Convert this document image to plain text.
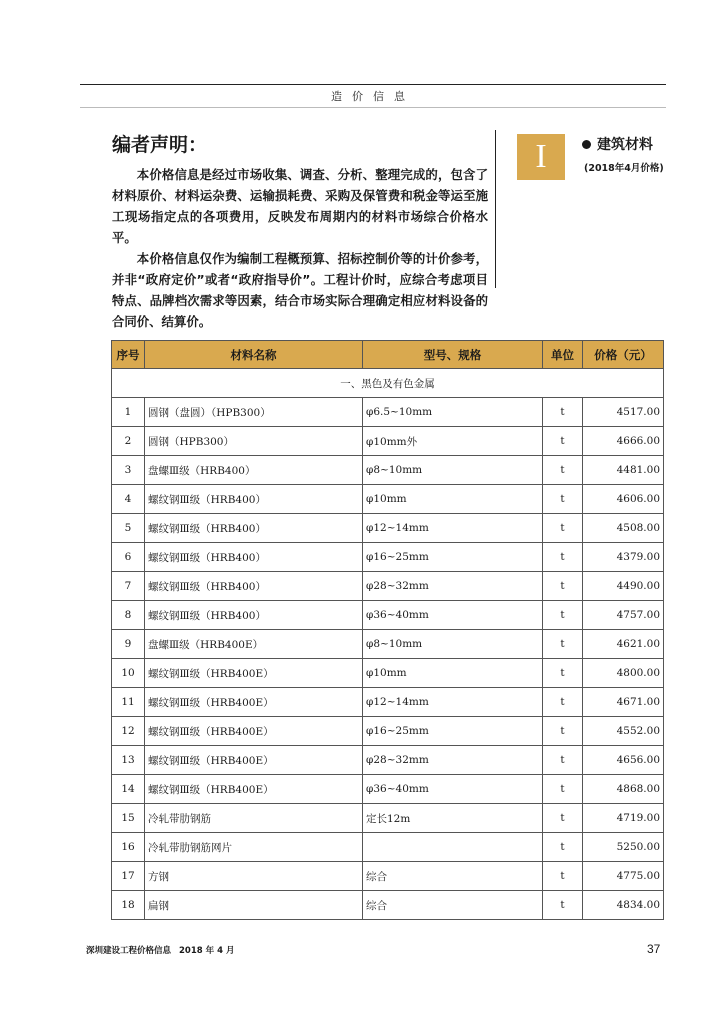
造价信息
编者声明：

本价格信息是经过市场收集、调查、分析、整理完成的，包含了材料原价、材料运杂费、运输损耗费、采购及保管费和税金等运至施工现场指定点的各项费用，反映发布周期内的材料市场综合价格水平。

本价格信息仅作为编制工程概预算、招标控制价等的计价参考，并非“政府定价”或者“政府指导价”。工程计价时，应综合考虑项目特点、品牌档次需求等因素，结合市场实际合理确定相应材料设备的合同价、结算价。

I	建筑材料
(2018年4月价格)
序号	材料名称	型号、规格	单位	价格（元）
一、黑色及有色金属				
1	圆钢（盘圆）（HPB300）	φ6.5~10mm	t	4517.00
2	圆钢（HPB300）	φ10mm外	t	4666.00
3	盘螺Ⅲ级（HRB400）	φ8~10mm	t	4481.00
4	螺纹钢Ⅲ级（HRB400）	φ10mm	t	4606.00
5	螺纹钢Ⅲ级（HRB400）	φ12~14mm	t	4508.00
6	螺纹钢Ⅲ级（HRB400）	φ16~25mm	t	4379.00
7	螺纹钢Ⅲ级（HRB400）	φ28~32mm	t	4490.00
8	螺纹钢Ⅲ级（HRB400）	φ36~40mm	t	4757.00
9	盘螺Ⅲ级（HRB400E）	φ8~10mm	t	4621.00
10	螺纹钢Ⅲ级（HRB400E）	φ10mm	t	4800.00
11	螺纹钢Ⅲ级（HRB400E）	φ12~14mm	t	4671.00
12	螺纹钢Ⅲ级（HRB400E）	φ16~25mm	t	4552.00
13	螺纹钢Ⅲ级（HRB400E）	φ28~32mm	t	4656.00
14	螺纹钢Ⅲ级（HRB400E）	φ36~40mm	t	4868.00
15	冷轧带肋钢筋	定长12m	t	4719.00
16	冷轧带肋钢筋网片		t	5250.00
17	方钢	综合	t	4775.00
18	扁钢	综合	t	4834.00
深圳建设工程价格信息 2018 年 4 月	37
